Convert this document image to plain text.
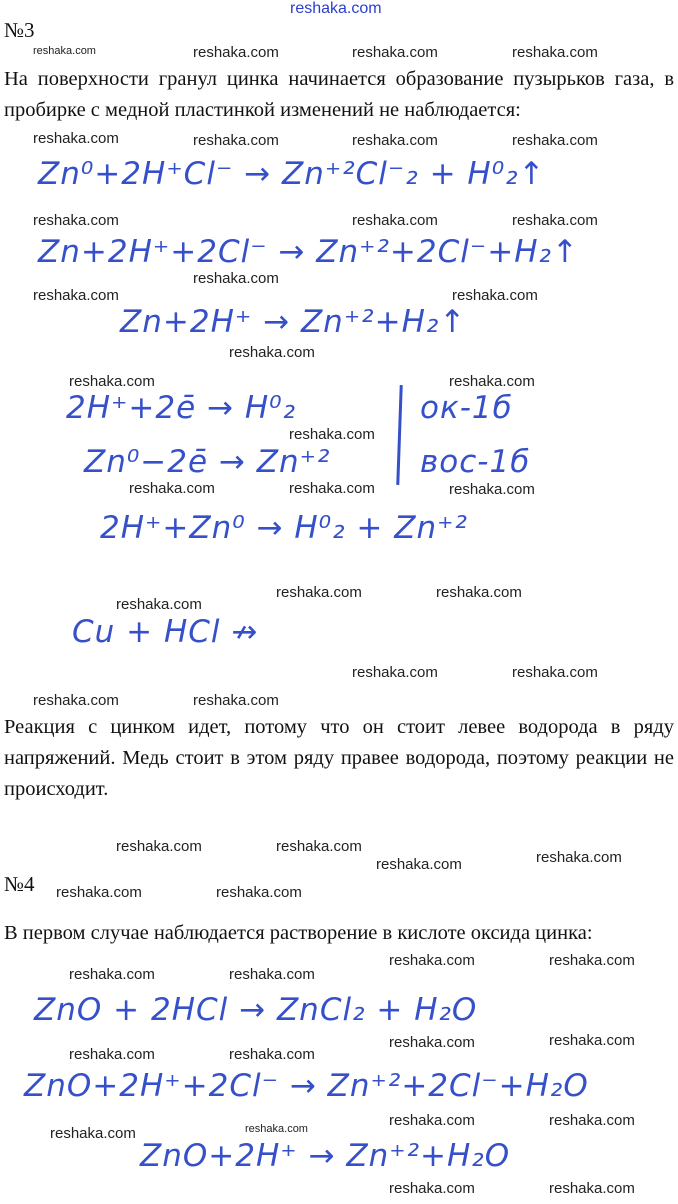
reshaka.com
reshaka.com	reshaka.com	reshaka.com	reshaka.com
reshaka.com	reshaka.com	reshaka.com	reshaka.com
reshaka.com	reshaka.com	reshaka.com
reshaka.com
reshaka.com
reshaka.com
reshaka.com
reshaka.com	reshaka.com
reshaka.com
reshaka.com
reshaka.com	reshaka.com
reshaka.com	reshaka.com
reshaka.com
reshaka.com	reshaka.com
reshaka.com
reshaka.com
reshaka.com
reshaka.com
reshaka.com
reshaka.com
reshaka.com	reshaka.com
reshaka.com	reshaka.com
reshaka.com	reshaka.com
reshaka.com
reshaka.com
reshaka.com	reshaka.com
reshaka.com	reshaka.com
reshaka.com	reshaka.com
reshaka.com	reshaka.com
№3
На поверхности гранул цинка начинается образование пузырьков газа, в пробирке с медной пластинкой изменений не наблюдается:
Zn⁰+2H⁺Cl⁻ → Zn⁺²Cl⁻₂ + H⁰₂↑
Zn+2H⁺+2Cl⁻ → Zn⁺²+2Cl⁻+H₂↑
Zn+2H⁺ → Zn⁺²+H₂↑
2H⁺+2ē → H⁰₂
Zn⁰−2ē → Zn⁺²
ок-1б
вос-1б
2H⁺+Zn⁰ → H⁰₂ + Zn⁺²
Cu + HCl ↛
Реакция с цинком идет, потому что он стоит левее водорода в ряду напряжений. Медь стоит в этом ряду правее водорода, поэтому реакции не происходит.
№4
В первом случае наблюдается растворение в кислоте оксида цинка:
ZnO + 2HCl → ZnCl₂ + H₂O
ZnO+2H⁺+2Cl⁻ → Zn⁺²+2Cl⁻+H₂O
ZnO+2H⁺ → Zn⁺²+H₂O
